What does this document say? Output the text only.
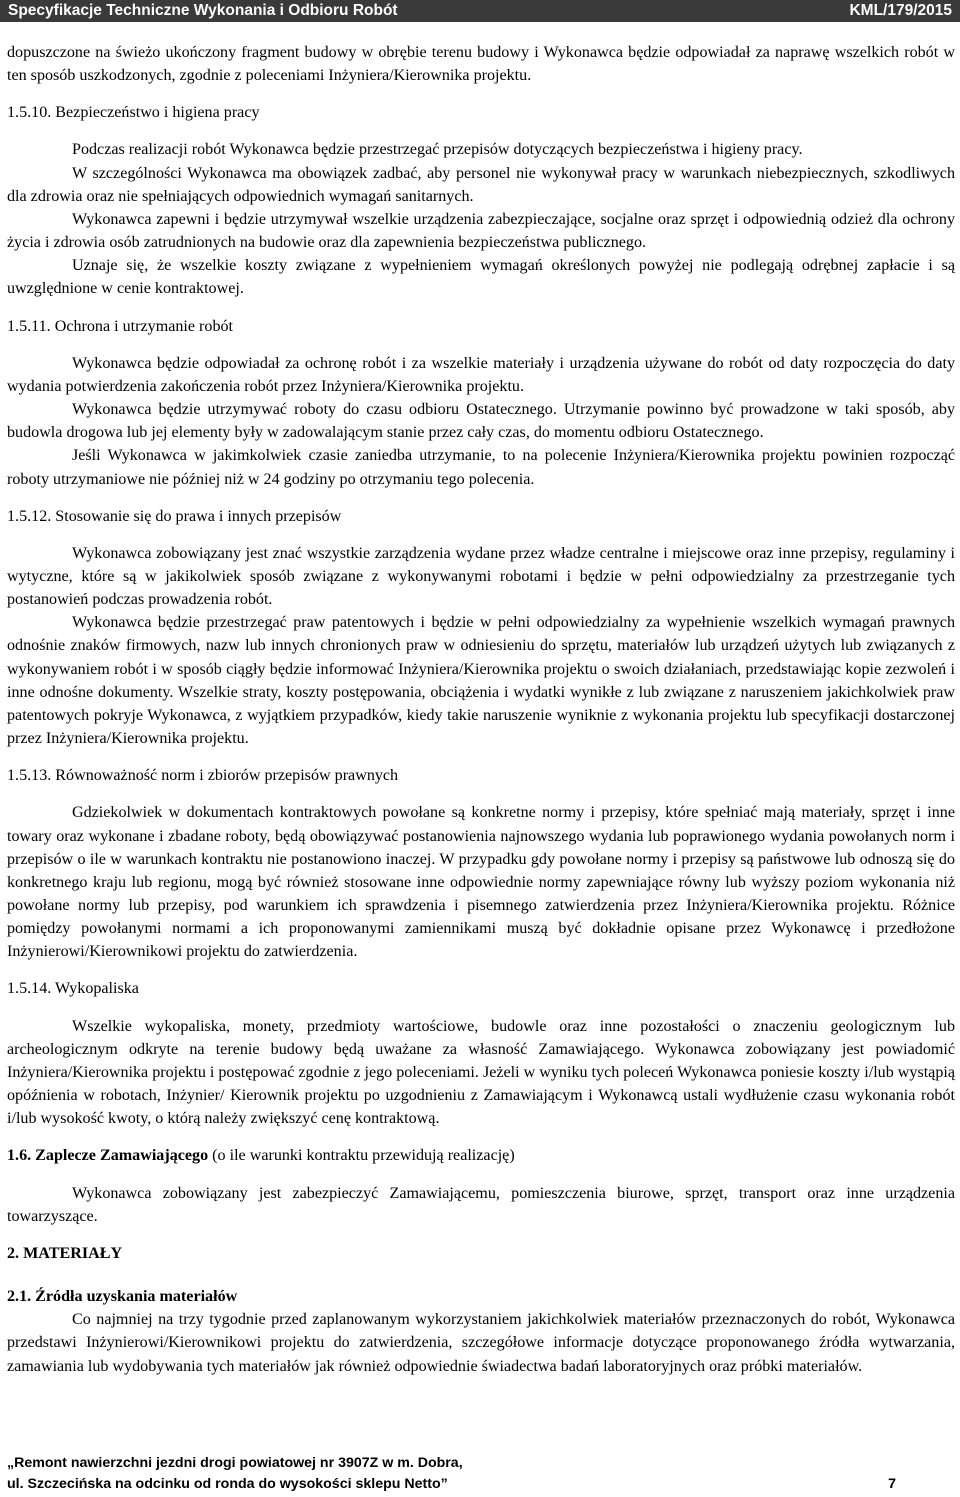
Specyfikacje Techniczne Wykonania i Odbioru Robót	KML/179/2015

dopuszczone na świeżo ukończony fragment budowy w obrębie terenu budowy i Wykonawca będzie odpowiadał za naprawę wszelkich robót w ten sposób uszkodzonych, zgodnie z poleceniami Inżyniera/Kierownika projektu.

1.5.10. Bezpieczeństwo i higiena pracy

Podczas realizacji robót Wykonawca będzie przestrzegać przepisów dotyczących bezpieczeństwa i higieny pracy.

W szczególności Wykonawca ma obowiązek zadbać, aby personel nie wykonywał pracy w warunkach niebezpiecznych, szkodliwych dla zdrowia oraz nie spełniających odpowiednich wymagań sanitarnych.

Wykonawca zapewni i będzie utrzymywał wszelkie urządzenia zabezpieczające, socjalne oraz sprzęt i odpowiednią odzież dla ochrony życia i zdrowia osób zatrudnionych na budowie oraz dla zapewnienia bezpieczeństwa publicznego.

Uznaje się, że wszelkie koszty związane z wypełnieniem wymagań określonych powyżej nie podlegają odrębnej zapłacie i są uwzględnione w cenie kontraktowej.

1.5.11. Ochrona i utrzymanie robót

Wykonawca będzie odpowiadał za ochronę robót i za wszelkie materiały i urządzenia używane do robót od daty rozpoczęcia do daty wydania potwierdzenia zakończenia robót przez Inżyniera/Kierownika projektu.

Wykonawca będzie utrzymywać roboty do czasu odbioru Ostatecznego. Utrzymanie powinno być prowadzone w taki sposób, aby budowla drogowa lub jej elementy były w zadowalającym stanie przez cały czas, do momentu odbioru Ostatecznego.

Jeśli Wykonawca w jakimkolwiek czasie zaniedba utrzymanie, to na polecenie Inżyniera/Kierownika projektu powinien rozpocząć roboty utrzymaniowe nie później niż w 24 godziny po otrzymaniu tego polecenia.

1.5.12. Stosowanie się do prawa i innych przepisów

Wykonawca zobowiązany jest znać wszystkie zarządzenia wydane przez władze centralne i miejscowe oraz inne przepisy, regulaminy i wytyczne, które są w jakikolwiek sposób związane z wykonywanymi robotami i będzie w pełni odpowiedzialny za przestrzeganie tych postanowień podczas prowadzenia robót.

Wykonawca będzie przestrzegać praw patentowych i będzie w pełni odpowiedzialny za wypełnienie wszelkich wymagań prawnych odnośnie znaków firmowych, nazw lub innych chronionych praw w odniesieniu do sprzętu, materiałów lub urządzeń użytych lub związanych z wykonywaniem robót i w sposób ciągły będzie informować Inżyniera/Kierownika projektu o swoich działaniach, przedstawiając kopie zezwoleń i inne odnośne dokumenty. Wszelkie straty, koszty postępowania, obciążenia i wydatki wynikłe z lub związane z naruszeniem jakichkolwiek praw patentowych pokryje Wykonawca, z wyjątkiem przypadków, kiedy takie naruszenie wyniknie z wykonania projektu lub specyfikacji dostarczonej przez Inżyniera/Kierownika projektu.

1.5.13. Równoważność norm i zbiorów przepisów prawnych

Gdziekolwiek w dokumentach kontraktowych powołane są konkretne normy i przepisy, które spełniać mają materiały, sprzęt i inne towary oraz wykonane i zbadane roboty, będą obowiązywać postanowienia najnowszego wydania lub poprawionego wydania powołanych norm i przepisów o ile w warunkach kontraktu nie postanowiono inaczej. W przypadku gdy powołane normy i przepisy są państwowe lub odnoszą się do konkretnego kraju lub regionu, mogą być również stosowane inne odpowiednie normy zapewniające równy lub wyższy poziom wykonania niż powołane normy lub przepisy, pod warunkiem ich sprawdzenia i pisemnego zatwierdzenia przez Inżyniera/Kierownika projektu. Różnice pomiędzy powołanymi normami a ich proponowanymi zamiennikami muszą być dokładnie opisane przez Wykonawcę i przedłożone Inżynierowi/Kierownikowi projektu do zatwierdzenia.

1.5.14. Wykopaliska

Wszelkie wykopaliska, monety, przedmioty wartościowe, budowle oraz inne pozostałości o znaczeniu geologicznym lub archeologicznym odkryte na terenie budowy będą uważane za własność Zamawiającego. Wykonawca zobowiązany jest powiadomić Inżyniera/Kierownika projektu i postępować zgodnie z jego poleceniami. Jeżeli w wyniku tych poleceń Wykonawca poniesie koszty i/lub wystąpią opóźnienia w robotach, Inżynier/ Kierownik projektu po uzgodnieniu z Zamawiającym i Wykonawcą ustali wydłużenie czasu wykonania robót i/lub wysokość kwoty, o którą należy zwiększyć cenę kontraktową.

1.6. Zaplecze Zamawiającego (o ile warunki kontraktu przewidują realizację)

Wykonawca zobowiązany jest zabezpieczyć Zamawiającemu, pomieszczenia biurowe, sprzęt, transport oraz inne urządzenia towarzyszące.

2. MATERIAŁY

2.1. Źródła uzyskania materiałów

Co najmniej na trzy tygodnie przed zaplanowanym wykorzystaniem jakichkolwiek materiałów przeznaczonych do robót, Wykonawca przedstawi Inżynierowi/Kierownikowi projektu do zatwierdzenia, szczegółowe informacje dotyczące proponowanego źródła wytwarzania, zamawiania lub wydobywania tych materiałów jak również odpowiednie świadectwa badań laboratoryjnych oraz próbki materiałów.

„Remont nawierzchni jezdni drogi powiatowej nr 3907Z w m. Dobra,
ul. Szczecińska na odcinku od ronda do wysokości sklepu Netto”	7
